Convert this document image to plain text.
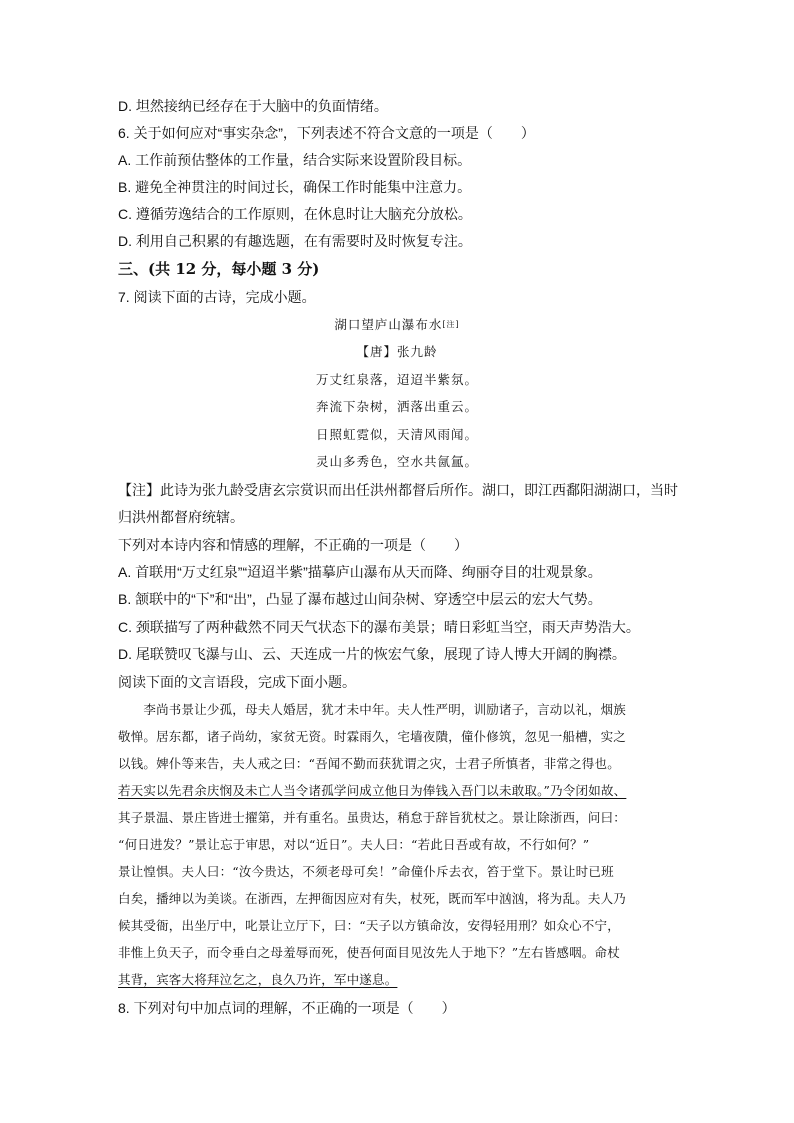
D. 坦然接纳已经存在于大脑中的负面情绪。
6. 关于如何应对“事实杂念”，下列表述不符合文意的一项是（　　）
A. 工作前预估整体的工作量，结合实际来设置阶段目标。
B. 避免全神贯注的时间过长，确保工作时能集中注意力。
C. 遵循劳逸结合的工作原则，在休息时让大脑充分放松。
D. 利用自己积累的有趣选题，在有需要时及时恢复专注。
三、(共 12 分，每小题 3 分)
7. 阅读下面的古诗，完成小题。
湖口望庐山瀑布水[注]
【唐】张九龄
万丈红泉落，迢迢半紫氛。
奔流下杂树，洒落出重云。
日照虹霓似，天清风雨闻。
灵山多秀色，空水共氤氲。
【注】此诗为张九龄受唐玄宗赏识而出任洪州都督后所作。湖口，即江西鄱阳湖湖口，当时
归洪州都督府统辖。
下列对本诗内容和情感的理解，不正确的一项是（　　）
A. 首联用“万丈红泉”“迢迢半紫”描摹庐山瀑布从天而降、绚丽夺目的壮观景象。
B. 颔联中的“下”和“出”，凸显了瀑布越过山间杂树、穿透空中层云的宏大气势。
C. 颈联描写了两种截然不同天气状态下的瀑布美景；晴日彩虹当空，雨天声势浩大。
D. 尾联赞叹飞瀑与山、云、天连成一片的恢宏气象，展现了诗人博大开阔的胸襟。
阅读下面的文言语段，完成下面小题。
　　李尚书景让少孤，母夫人婚居，犹才未中年。夫人性严明，训励诸子，言动以礼，烟族
敬惮。居东都，诸子尚幼，家贫无资。时霖雨久，宅墙夜隤，僮仆修筑，忽见一船槽，实之
以钱。婢仆等来告，夫人戒之曰：“吾闻不勤而获犹谓之灾，士君子所慎者，非常之得也。
若天实以先君余庆悯及未亡人当令诸孤学问成立他日为俸钱入吾门以未敢取。”乃令闭如故、
其子景温、景庄皆进士擢第，并有重名。虽贵达，稍怠于辞旨犹杖之。景让除浙西，问曰：
“何日进发？”景让忘于审思，对以“近日”。夫人曰：“若此日吾或有故，不行如何？”
景让惶惧。夫人曰：“汝今贵达，不须老母可矣！”命僮仆斥去衣，笞于堂下。景让时已班
白矣，播绅以为美谈。在浙西，左押衙因应对有失，杖死，既而军中汹汹，将为乱。夫人乃
候其受衙，出坐厅中，叱景让立厅下，曰：“天子以方镇命汝，安得轻用刑？如众心不宁，
非惟上负天子，而令垂白之母羞辱而死，使吾何面目见汝先人于地下？”左右皆感咽。命杖
其背，宾客大将拜泣乞之，良久乃许，军中遂息。
8. 下列对句中加点词的理解，不正确的一项是（　　）
